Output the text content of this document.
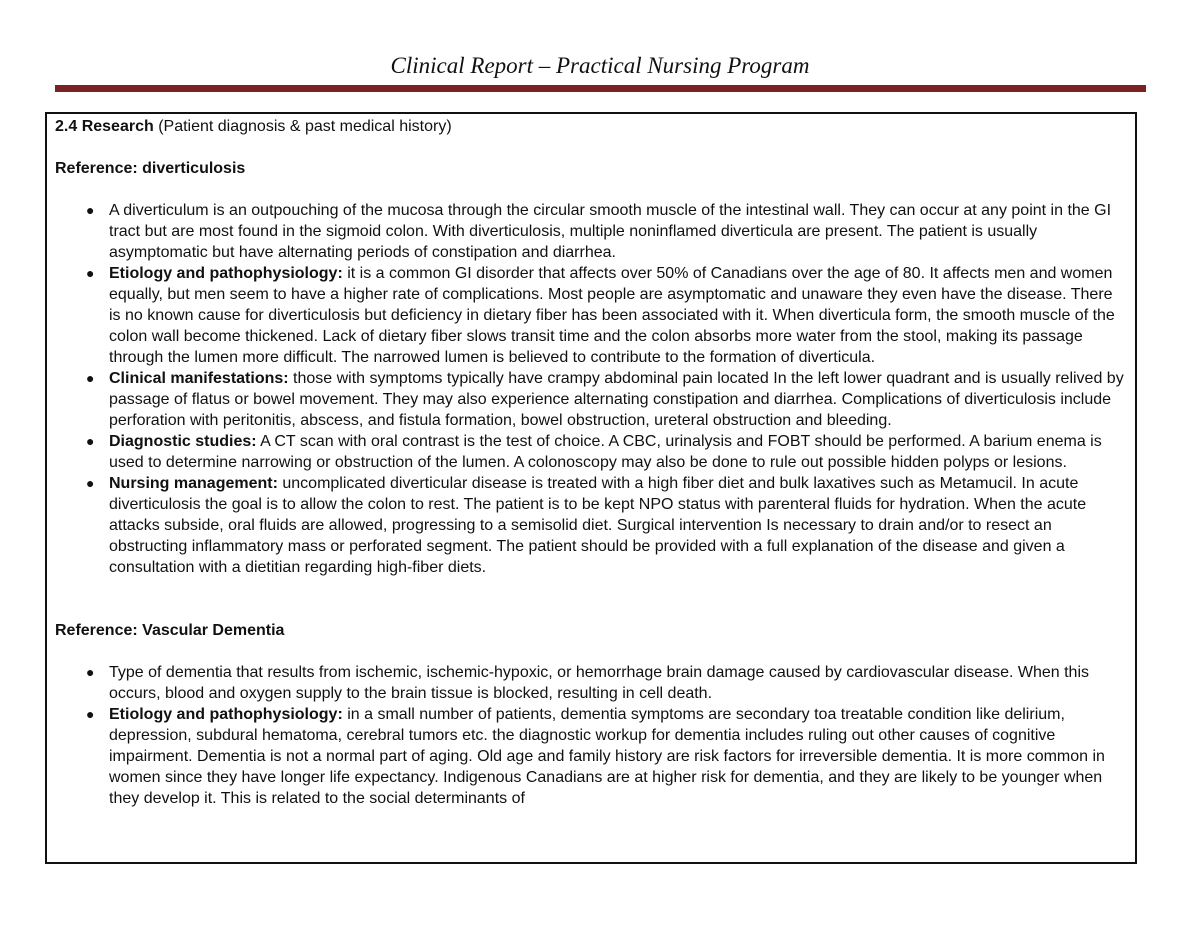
Clinical Report – Practical Nursing Program

2.4 Research (Patient diagnosis & past medical history)

Reference: diverticulosis

● A diverticulum is an outpouching of the mucosa through the circular smooth muscle of the intestinal wall. They can occur at any point in the GI tract but are most found in the sigmoid colon. With diverticulosis, multiple noninflamed diverticula are present. The patient is usually asymptomatic but have alternating periods of constipation and diarrhea.
● Etiology and pathophysiology: it is a common GI disorder that affects over 50% of Canadians over the age of 80. It affects men and women equally, but men seem to have a higher rate of complications. Most people are asymptomatic and unaware they even have the disease. There is no known cause for diverticulosis but deficiency in dietary fiber has been associated with it. When diverticula form, the smooth muscle of the colon wall become thickened. Lack of dietary fiber slows transit time and the colon absorbs more water from the stool, making its passage through the lumen more difficult. The narrowed lumen is believed to contribute to the formation of diverticula.
● Clinical manifestations: those with symptoms typically have crampy abdominal pain located In the left lower quadrant and is usually relived by passage of flatus or bowel movement. They may also experience alternating constipation and diarrhea. Complications of diverticulosis include perforation with peritonitis, abscess, and fistula formation, bowel obstruction, ureteral obstruction and bleeding.
● Diagnostic studies: A CT scan with oral contrast is the test of choice. A CBC, urinalysis and FOBT should be performed. A barium enema is used to determine narrowing or obstruction of the lumen. A colonoscopy may also be done to rule out possible hidden polyps or lesions.
● Nursing management: uncomplicated diverticular disease is treated with a high fiber diet and bulk laxatives such as Metamucil. In acute diverticulosis the goal is to allow the colon to rest. The patient is to be kept NPO status with parenteral fluids for hydration. When the acute attacks subside, oral fluids are allowed, progressing to a semisolid diet. Surgical intervention Is necessary to drain and/or to resect an obstructing inflammatory mass or perforated segment. The patient should be provided with a full explanation of the disease and given a consultation with a dietitian regarding high-fiber diets.

Reference: Vascular Dementia

● Type of dementia that results from ischemic, ischemic-hypoxic, or hemorrhage brain damage caused by cardiovascular disease. When this occurs, blood and oxygen supply to the brain tissue is blocked, resulting in cell death.
● Etiology and pathophysiology: in a small number of patients, dementia symptoms are secondary toa treatable condition like delirium, depression, subdural hematoma, cerebral tumors etc. the diagnostic workup for dementia includes ruling out other causes of cognitive impairment. Dementia is not a normal part of aging. Old age and family history are risk factors for irreversible dementia. It is more common in women since they have longer life expectancy. Indigenous Canadians are at higher risk for dementia, and they are likely to be younger when they develop it. This is related to the social determinants of
